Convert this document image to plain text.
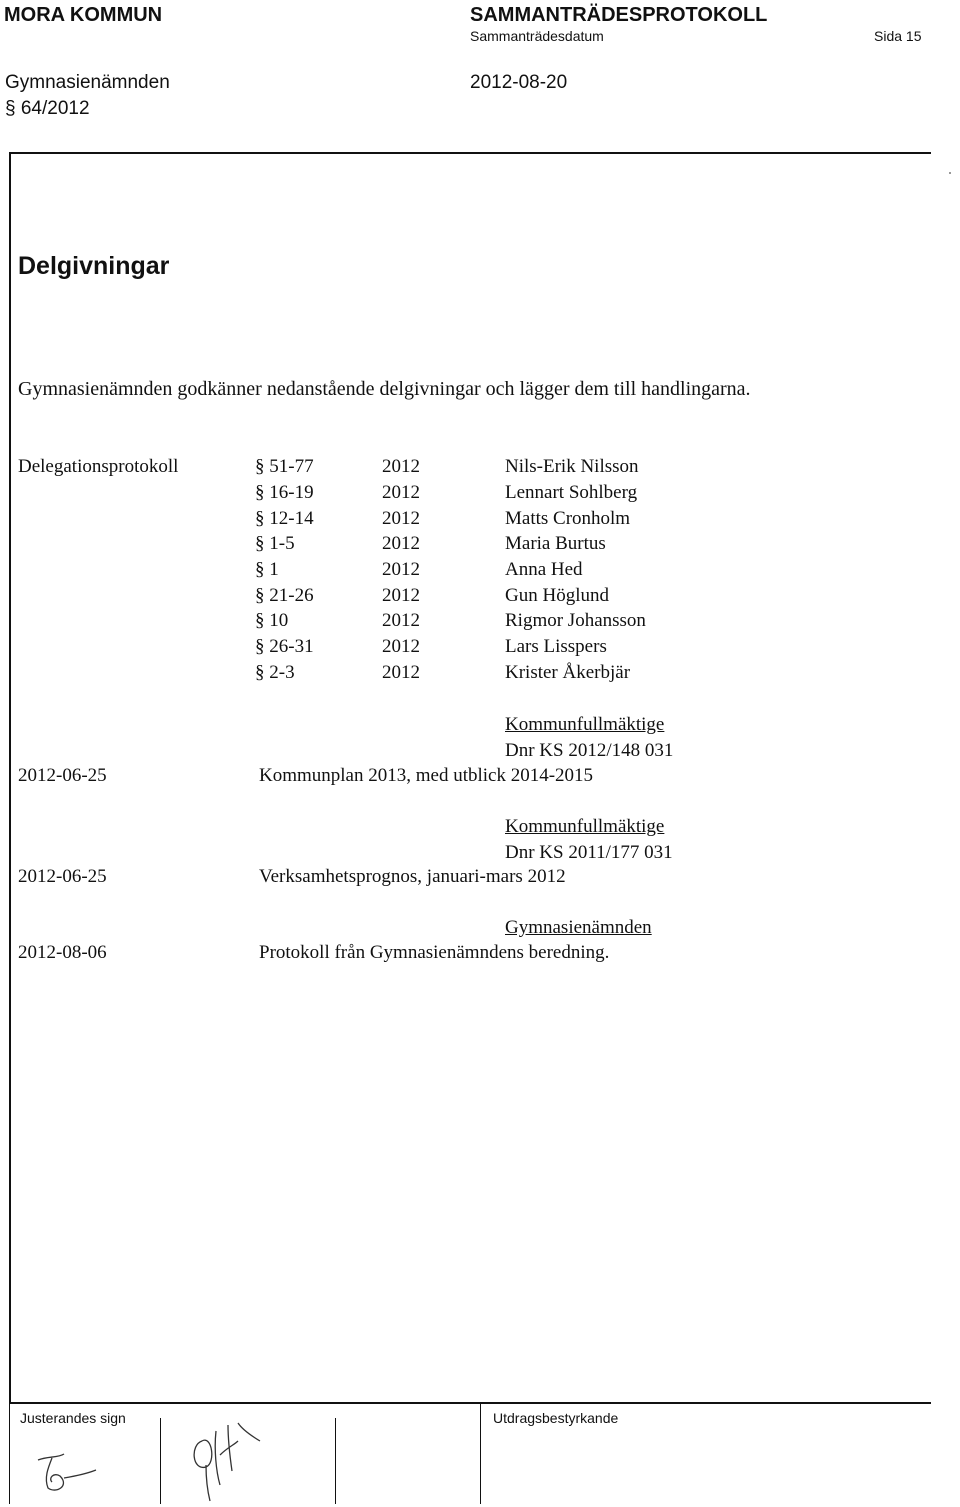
MORA KOMMUN	SAMMANTRÄDESPROTOKOLL
Sammanträdesdatum	Sida 15
Gymnasienämnden	2012-08-20
§ 64/2012
Delgivningar
Gymnasienämnden godkänner nedanstående delgivningar och lägger dem till handlingarna.
Delegationsprotokoll	§ 51-77	2012	Nils-Erik Nilsson
§ 16-19	2012	Lennart Sohlberg
§ 12-14	2012	Matts Cronholm
§ 1-5	2012	Maria Burtus
§ 1	2012	Anna Hed
§ 21-26	2012	Gun Höglund
§ 10	2012	Rigmor Johansson
§ 26-31	2012	Lars Lisspers
§ 2-3	2012	Krister Åkerbjär
Kommunfullmäktige
Dnr KS 2012/148 031
2012-06-25	Kommunplan 2013, med utblick 2014-2015
Kommunfullmäktige
Dnr KS 2011/177 031
2012-06-25	Verksamhetsprognos, januari-mars 2012
Gymnasienämnden
2012-08-06	Protokoll från Gymnasienämndens beredning.
Justerandes sign	Utdragsbestyrkande
